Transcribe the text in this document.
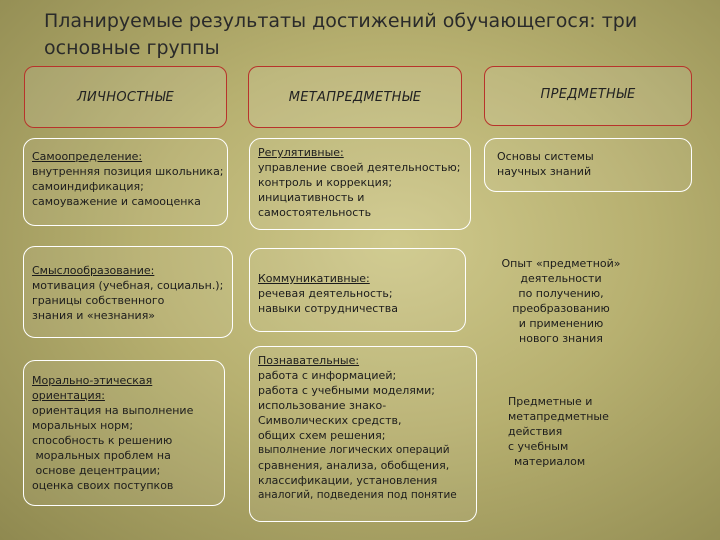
Планируемые результаты достижений обучающегося: три
основные группы
ЛИЧНОСТНЫЕ	МЕТАПРЕДМЕТНЫЕ	ПРЕДМЕТНЫЕ
Самоопределение:
внутренняя позиция школьника;
самоиндификация;
самоуважение и самооценка
Смыслообразование:
мотивация (учебная, социальн.);
границы собственного
знания и «незнания»
Морально-этическая
ориентация:
ориентация на выполнение
моральных норм;
способность к решению
моральных проблем на
основе децентрации;
оценка своих поступков
Регулятивные:
управление своей деятельностью;
контроль и коррекция;
инициативность и
самостоятельность
Коммуникативные:
речевая деятельность;
навыки сотрудничества
Познавательные:
работа с информацией;
работа с учебными моделями;
использование знако-
Символических средств,
общих схем решения;
выполнение логических операций
сравнения, анализа, обобщения,
классификации, установления
аналогий, подведения под понятие
Основы системы
научных знаний
Опыт «предметной»
деятельности
по получению,
преобразованию
и применению
нового знания
Предметные и
метапредметные
действия
с учебным
материалом
